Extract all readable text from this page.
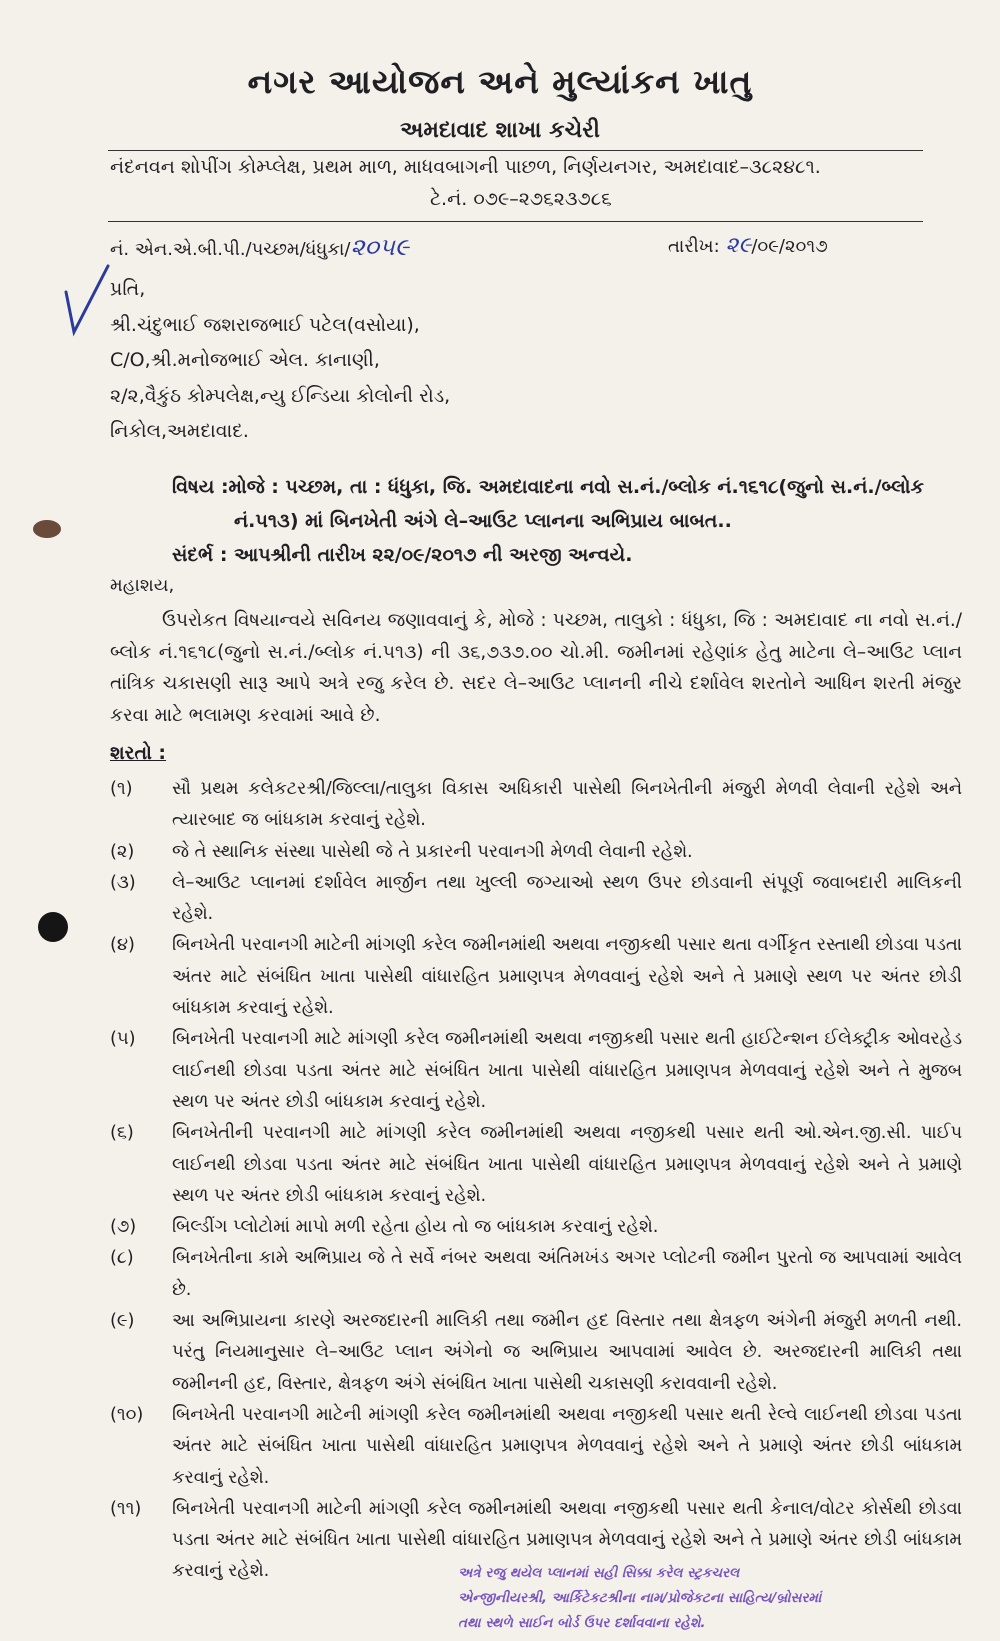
નગર આયોજન અને મુલ્યાંકન ખાતુ
અમદાવાદ શાખા કચેરી
નંદનવન શોપીંગ કોમ્પ્લેક્ષ, પ્રથમ માળ, માધવબાગની પાછળ, નિર્ણયનગર, અમદાવાદ–૩૮૨૪૮૧.
ટે.નં. ૦૭૯–૨૭૬૨૩૭૮૬
નં. એન.એ.બી.પી./પચ્છમ/ધંધુકા/૨૦૫૯	તારીખ: ૨૯/૦૯/૨૦૧૭
પ્રતિ,
શ્રી.ચંદુભાઈ જશરાજભાઈ પટેલ(વસોયા),
C/O,શ્રી.મનોજભાઈ એલ. કાનાણી,
૨/૨,વૈકુંઠ કોમ્પલેક્ષ,ન્યુ ઈન્ડિયા કોલોની રોડ,
નિકોલ,અમદાવાદ.
વિષય :મોજે : પચ્છમ, તા : ધંધુકા, જિ. અમદાવાદના નવો સ.નં./બ્લોક નં.૧૬૧૮(જુનો સ.નં./બ્લોક
નં.૫૧૩) માં બિનખેતી અંગે લે–આઉટ પ્લાનના અભિપ્રાય બાબત..
સંદર્ભ : આપશ્રીની તારીખ ૨૨/૦૯/૨૦૧૭ ની અરજી અન્વયે.
મહાશય,
ઉપરોકત વિષયાન્વયે સવિનય જણાવવાનું કે, મોજે : પચ્છમ, તાલુકો : ધંધુકા, જિ : અમદાવાદ ના નવો સ.નં./બ્લોક નં.૧૬૧૮(જુનો સ.નં./બ્લોક નં.૫૧૩) ની ૩૬,૭૩૭.૦૦ ચો.મી. જમીનમાં રહેણાંક હેતુ માટેના લે–આઉટ પ્લાન તાંત્રિક ચકાસણી સારૂ આપે અત્રે રજુ કરેલ છે. સદર લે–આઉટ પ્લાનની નીચે દર્શાવેલ શરતોને આધિન શરતી મંજુર કરવા માટે ભલામણ કરવામાં આવે છે.
શરતો :
(૧)	સૌ પ્રથમ કલેકટરશ્રી/જિલ્લા/તાલુકા વિકાસ અધિકારી પાસેથી બિનખેતીની મંજુરી મેળવી લેવાની રહેશે અને ત્યારબાદ જ બાંધકામ કરવાનું રહેશે.
(૨)	જે તે સ્થાનિક સંસ્થા પાસેથી જે તે પ્રકારની પરવાનગી મેળવી લેવાની રહેશે.
(૩)	લે–આઉટ પ્લાનમાં દર્શાવેલ માર્જીન તથા ખુલ્લી જગ્યાઓ સ્થળ ઉપર છોડવાની સંપૂર્ણ જવાબદારી માલિકની રહેશે.
(૪)	બિનખેતી પરવાનગી માટેની માંગણી કરેલ જમીનમાંથી અથવા નજીકથી પસાર થતા વર્ગીકૃત રસ્તાથી છોડવા પડતા અંતર માટે સંબંધિત ખાતા પાસેથી વાંધારહિત પ્રમાણપત્ર મેળવવાનું રહેશે અને તે પ્રમાણે સ્થળ પર અંતર છોડી બાંધકામ કરવાનું રહેશે.
(૫)	બિનખેતી પરવાનગી માટે માંગણી કરેલ જમીનમાંથી અથવા નજીકથી પસાર થતી હાઈટેન્શન ઈલેક્ટ્રીક ઓવરહેડ લાઈનથી છોડવા પડતા અંતર માટે સંબંધિત ખાતા પાસેથી વાંધારહિત પ્રમાણપત્ર મેળવવાનું રહેશે અને તે મુજબ સ્થળ પર અંતર છોડી બાંધકામ કરવાનું રહેશે.
(૬)	બિનખેતીની પરવાનગી માટે માંગણી કરેલ જમીનમાંથી અથવા નજીકથી પસાર થતી ઓ.એન.જી.સી. પાઈપ લાઈનથી છોડવા પડતા અંતર માટે સંબંધિત ખાતા પાસેથી વાંધારહિત પ્રમાણપત્ર મેળવવાનું રહેશે અને તે પ્રમાણે સ્થળ પર અંતર છોડી બાંધકામ કરવાનું રહેશે.
(૭)	બિલ્ડીંગ પ્લોટોમાં માપો મળી રહેતા હોય તો જ બાંધકામ કરવાનું રહેશે.
(૮)	બિનખેતીના કામે અભિપ્રાય જે તે સર્વે નંબર અથવા અંતિમખંડ અગર પ્લોટની જમીન પુરતો જ આપવામાં આવેલ છે.
(૯)	આ અભિપ્રાયના કારણે અરજદારની માલિકી તથા જમીન હદ વિસ્તાર તથા ક્ષેત્રફળ અંગેની મંજુરી મળતી નથી. પરંતુ નિયમાનુસાર લે–આઉટ પ્લાન અંગેનો જ અભિપ્રાય આપવામાં આવેલ છે. અરજદારની માલિકી તથા જમીનની હદ, વિસ્તાર, ક્ષેત્રફળ અંગે સંબંધિત ખાતા પાસેથી ચકાસણી કરાવવાની રહેશે.
(૧૦)	બિનખેતી પરવાનગી માટેની માંગણી કરેલ જમીનમાંથી અથવા નજીકથી પસાર થતી રેલ્વે લાઈનથી છોડવા પડતા અંતર માટે સંબંધિત ખાતા પાસેથી વાંધારહિત પ્રમાણપત્ર મેળવવાનું રહેશે અને તે પ્રમાણે અંતર છોડી બાંધકામ કરવાનું રહેશે.
(૧૧)	બિનખેતી પરવાનગી માટેની માંગણી કરેલ જમીનમાંથી અથવા નજીકથી પસાર થતી કેનાલ/વોટર કોર્સથી છોડવા પડતા અંતર માટે સંબંધિત ખાતા પાસેથી વાંધારહિત પ્રમાણપત્ર મેળવવાનું રહેશે અને તે પ્રમાણે અંતર છોડી બાંધકામ કરવાનું રહેશે.	અત્રે રજુ થયેલ પ્લાનમાં સહી સિક્કા કરેલ સ્ટ્રકચરલ
એન્જીનીયરશ્રી, આર્કિટેકટશ્રીના નામ/પ્રોજેકટના સાહિત્ય/બ્રોસરમાં
તથા સ્થળે સાઈન બોર્ડ ઉપર દર્શાવવાના રહેશે.
